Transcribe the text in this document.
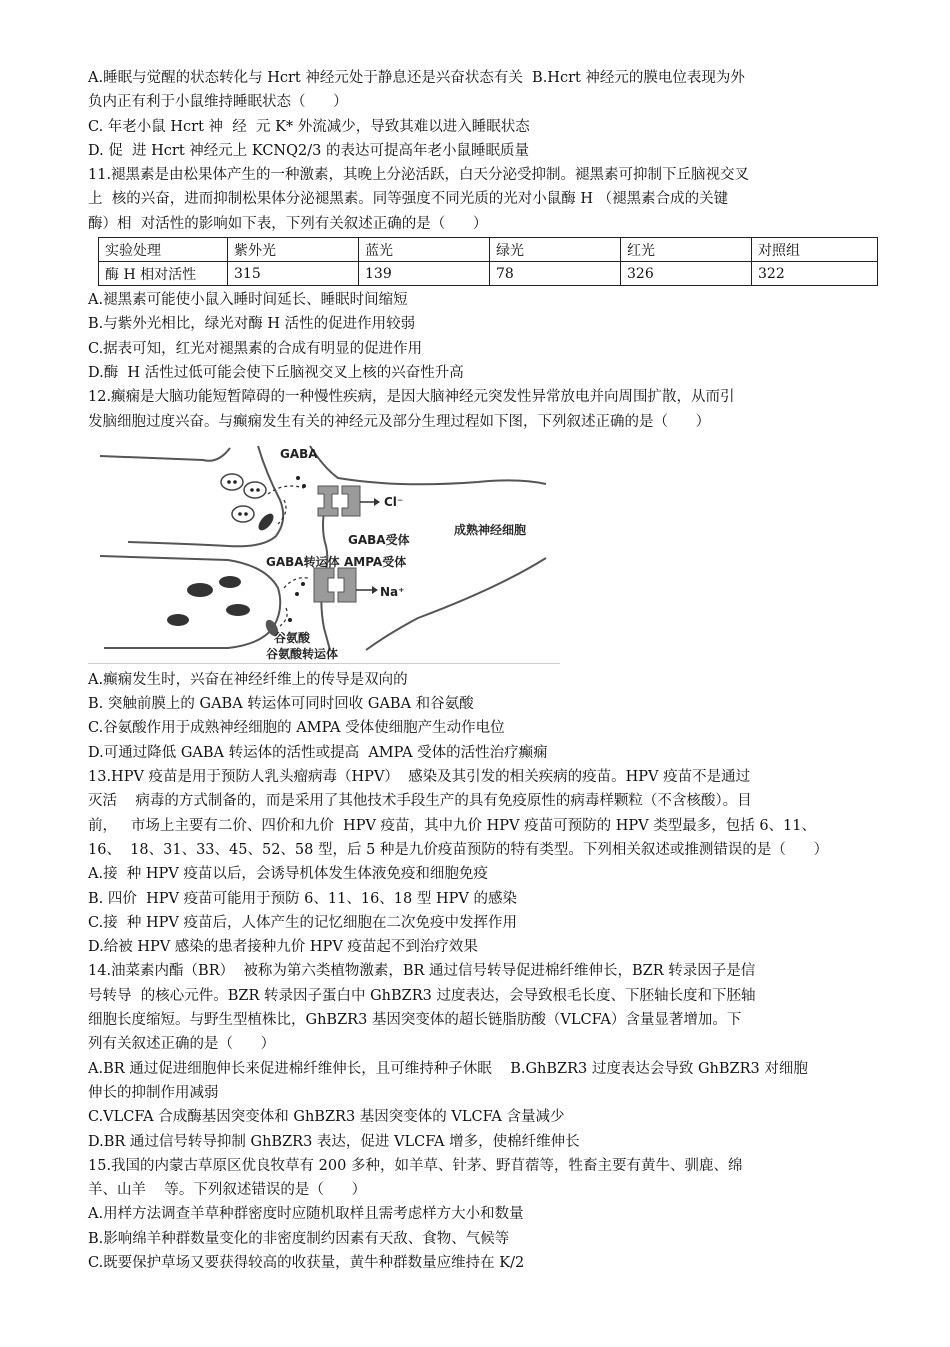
A.睡眠与觉醒的状态转化与 Hcrt 神经元处于静息还是兴奋状态有关  B.Hcrt 神经元的膜电位表现为外

负内正有利于小鼠维持睡眠状态（      ）

C. 年老小鼠 Hcrt 神  经  元 K* 外流减少，导致其难以进入睡眠状态

D. 促  进 Hcrt 神经元上 KCNQ2/3 的表达可提高年老小鼠睡眠质量

11.褪黑素是由松果体产生的一种激素，其晚上分泌活跃，白天分泌受抑制。褪黑素可抑制下丘脑视交叉

上  核的兴奋，进而抑制松果体分泌褪黑素。同等强度不同光质的光对小鼠酶 H （褪黑素合成的关键

酶）相  对活性的影响如下表，下列有关叙述正确的是（      ）

实验处理	紫外光	蓝光	绿光	红光	对照组
酶 H 相对活性	315	139	78	326	322

A.褪黑素可能使小鼠入睡时间延长、睡眠时间缩短

B.与紫外光相比，绿光对酶 H 活性的促进作用较弱

C.据表可知，红光对褪黑素的合成有明显的促进作用

D.酶  H 活性过低可能会使下丘脑视交叉上核的兴奋性升高

12.癫痫是大脑功能短暂障碍的一种慢性疾病，是因大脑神经元突发性异常放电并向周围扩散，从而引

发脑细胞过度兴奋。与癫痫发生有关的神经元及部分生理过程如下图，下列叙述正确的是（      ）

GABA
Cl⁻
GABA受体
成熟神经细胞
GABA转运体 AMPA受体
Na⁺
谷氨酸
谷氨酸转运体

A.癫痫发生时，兴奋在神经纤维上的传导是双向的

B. 突触前膜上的 GABA 转运体可同时回收 GABA 和谷氨酸

C.谷氨酸作用于成熟神经细胞的 AMPA 受体使细胞产生动作电位

D.可通过降低 GABA 转运体的活性或提高  AMPA 受体的活性治疗癫痫

13.HPV 疫苗是用于预防人乳头瘤病毒（HPV）  感染及其引发的相关疾病的疫苗。HPV 疫苗不是通过

灭活    病毒的方式制备的，而是采用了其他技术手段生产的具有免疫原性的病毒样颗粒（不含核酸）。目

前，   市场上主要有二价、四价和九价  HPV 疫苗，其中九价 HPV 疫苗可预防的 HPV 类型最多，包括 6、11、

16、  18、31、33、45、52、58 型，后 5 种是九价疫苗预防的特有类型。下列相关叙述或推测错误的是（      ）

A.接  种 HPV 疫苗以后，会诱导机体发生体液免疫和细胞免疫

B. 四价  HPV 疫苗可能用于预防 6、11、16、18 型 HPV 的感染

C.接  种 HPV 疫苗后，人体产生的记忆细胞在二次免疫中发挥作用

D.给被 HPV 感染的患者接种九价 HPV 疫苗起不到治疗效果

14.油菜素内酯（BR）  被称为第六类植物激素，BR 通过信号转导促进棉纤维伸长，BZR 转录因子是信

号转导  的核心元件。BZR 转录因子蛋白中 GhBZR3 过度表达，会导致根毛长度、下胚轴长度和下胚轴

细胞长度缩短。与野生型植株比，GhBZR3 基因突变体的超长链脂肪酸（VLCFA）含量显著增加。下

列有关叙述正确的是（      ）

A.BR 通过促进细胞伸长来促进棉纤维伸长，且可维持种子休眠    B.GhBZR3 过度表达会导致 GhBZR3 对细胞

伸长的抑制作用减弱

C.VLCFA 合成酶基因突变体和 GhBZR3 基因突变体的 VLCFA 含量减少

D.BR 通过信号转导抑制 GhBZR3 表达，促进 VLCFA 增多，使棉纤维伸长

15.我国的内蒙古草原区优良牧草有 200 多种，如羊草、针茅、野苜蓿等，牲畜主要有黄牛、驯鹿、绵

羊、山羊    等。下列叙述错误的是（      ）

A.用样方法调查羊草种群密度时应随机取样且需考虑样方大小和数量

B.影响绵羊种群数量变化的非密度制约因素有天敌、食物、气候等

C.既要保护草场又要获得较高的收获量，黄牛种群数量应维持在 K/2
